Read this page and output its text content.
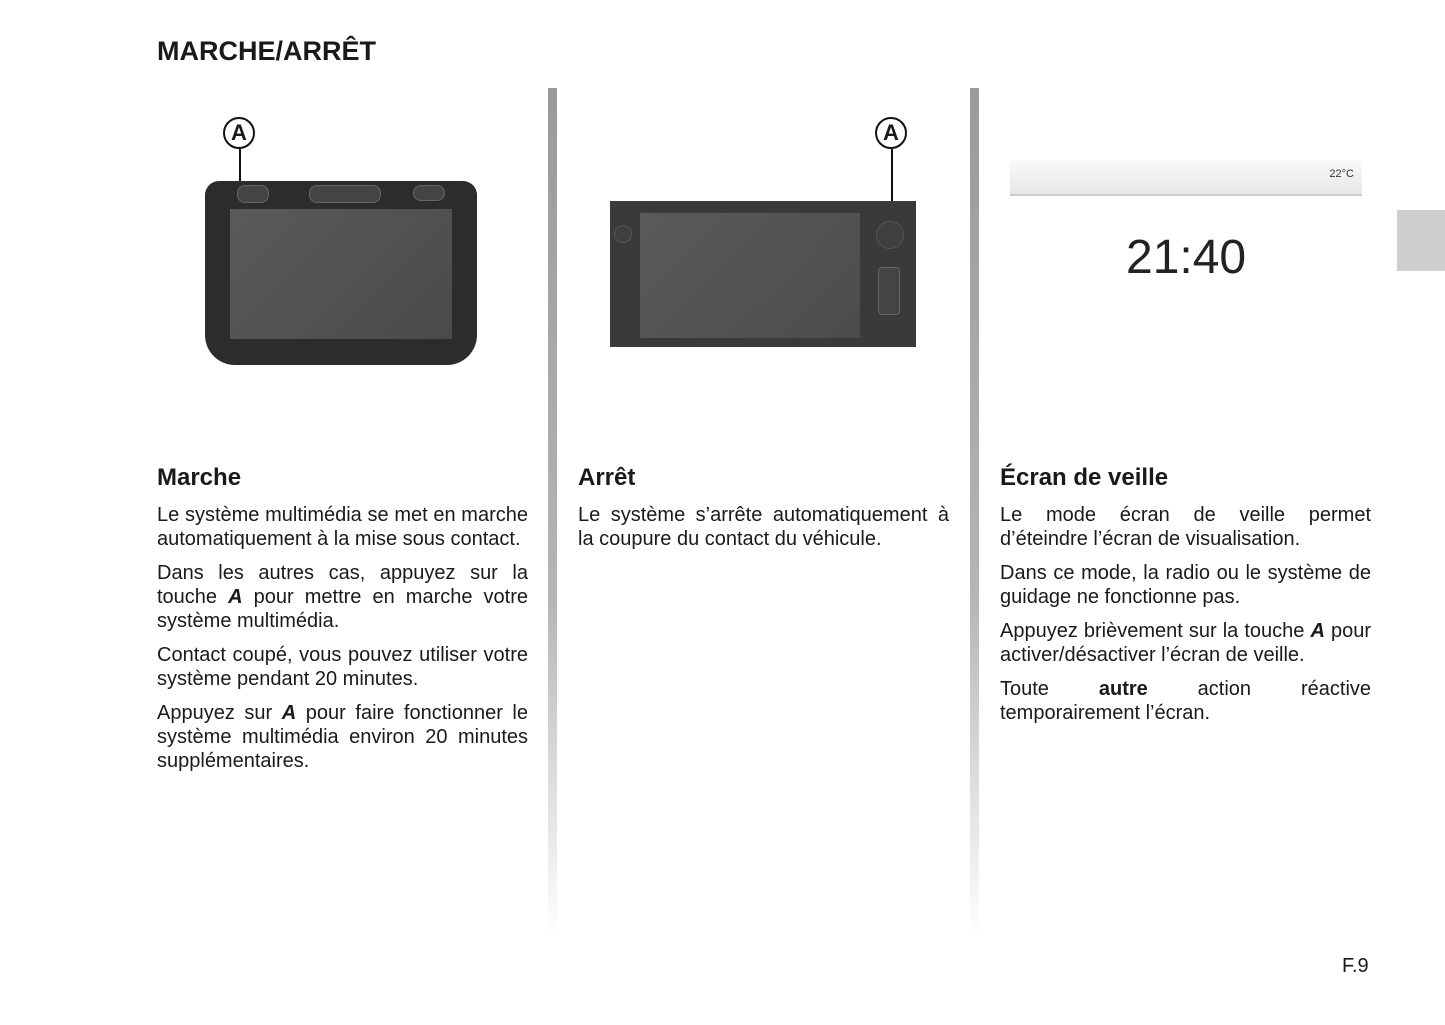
MARCHE/ARRÊT
A
Marche

Le système multimédia se met en marche automatiquement à la mise sous contact.

Dans les autres cas, appuyez sur la touche A pour mettre en marche votre système multimédia.

Contact coupé, vous pouvez utiliser votre système pendant 20 minutes.

Appuyez sur A pour faire fonctionner le système multimédia environ 20 minutes supplémentaires.

A
Arrêt

Le système s’arrête automatiquement à la coupure du contact du véhicule.

22°C
21:40
Écran de veille

Le mode écran de veille permet d’éteindre l’écran de visualisation.

Dans ce mode, la radio ou le système de guidage ne fonctionne pas.

Appuyez brièvement sur la touche A pour activer/désactiver l’écran de veille.

Toute autre action réactive temporairement l’écran.

F.9
